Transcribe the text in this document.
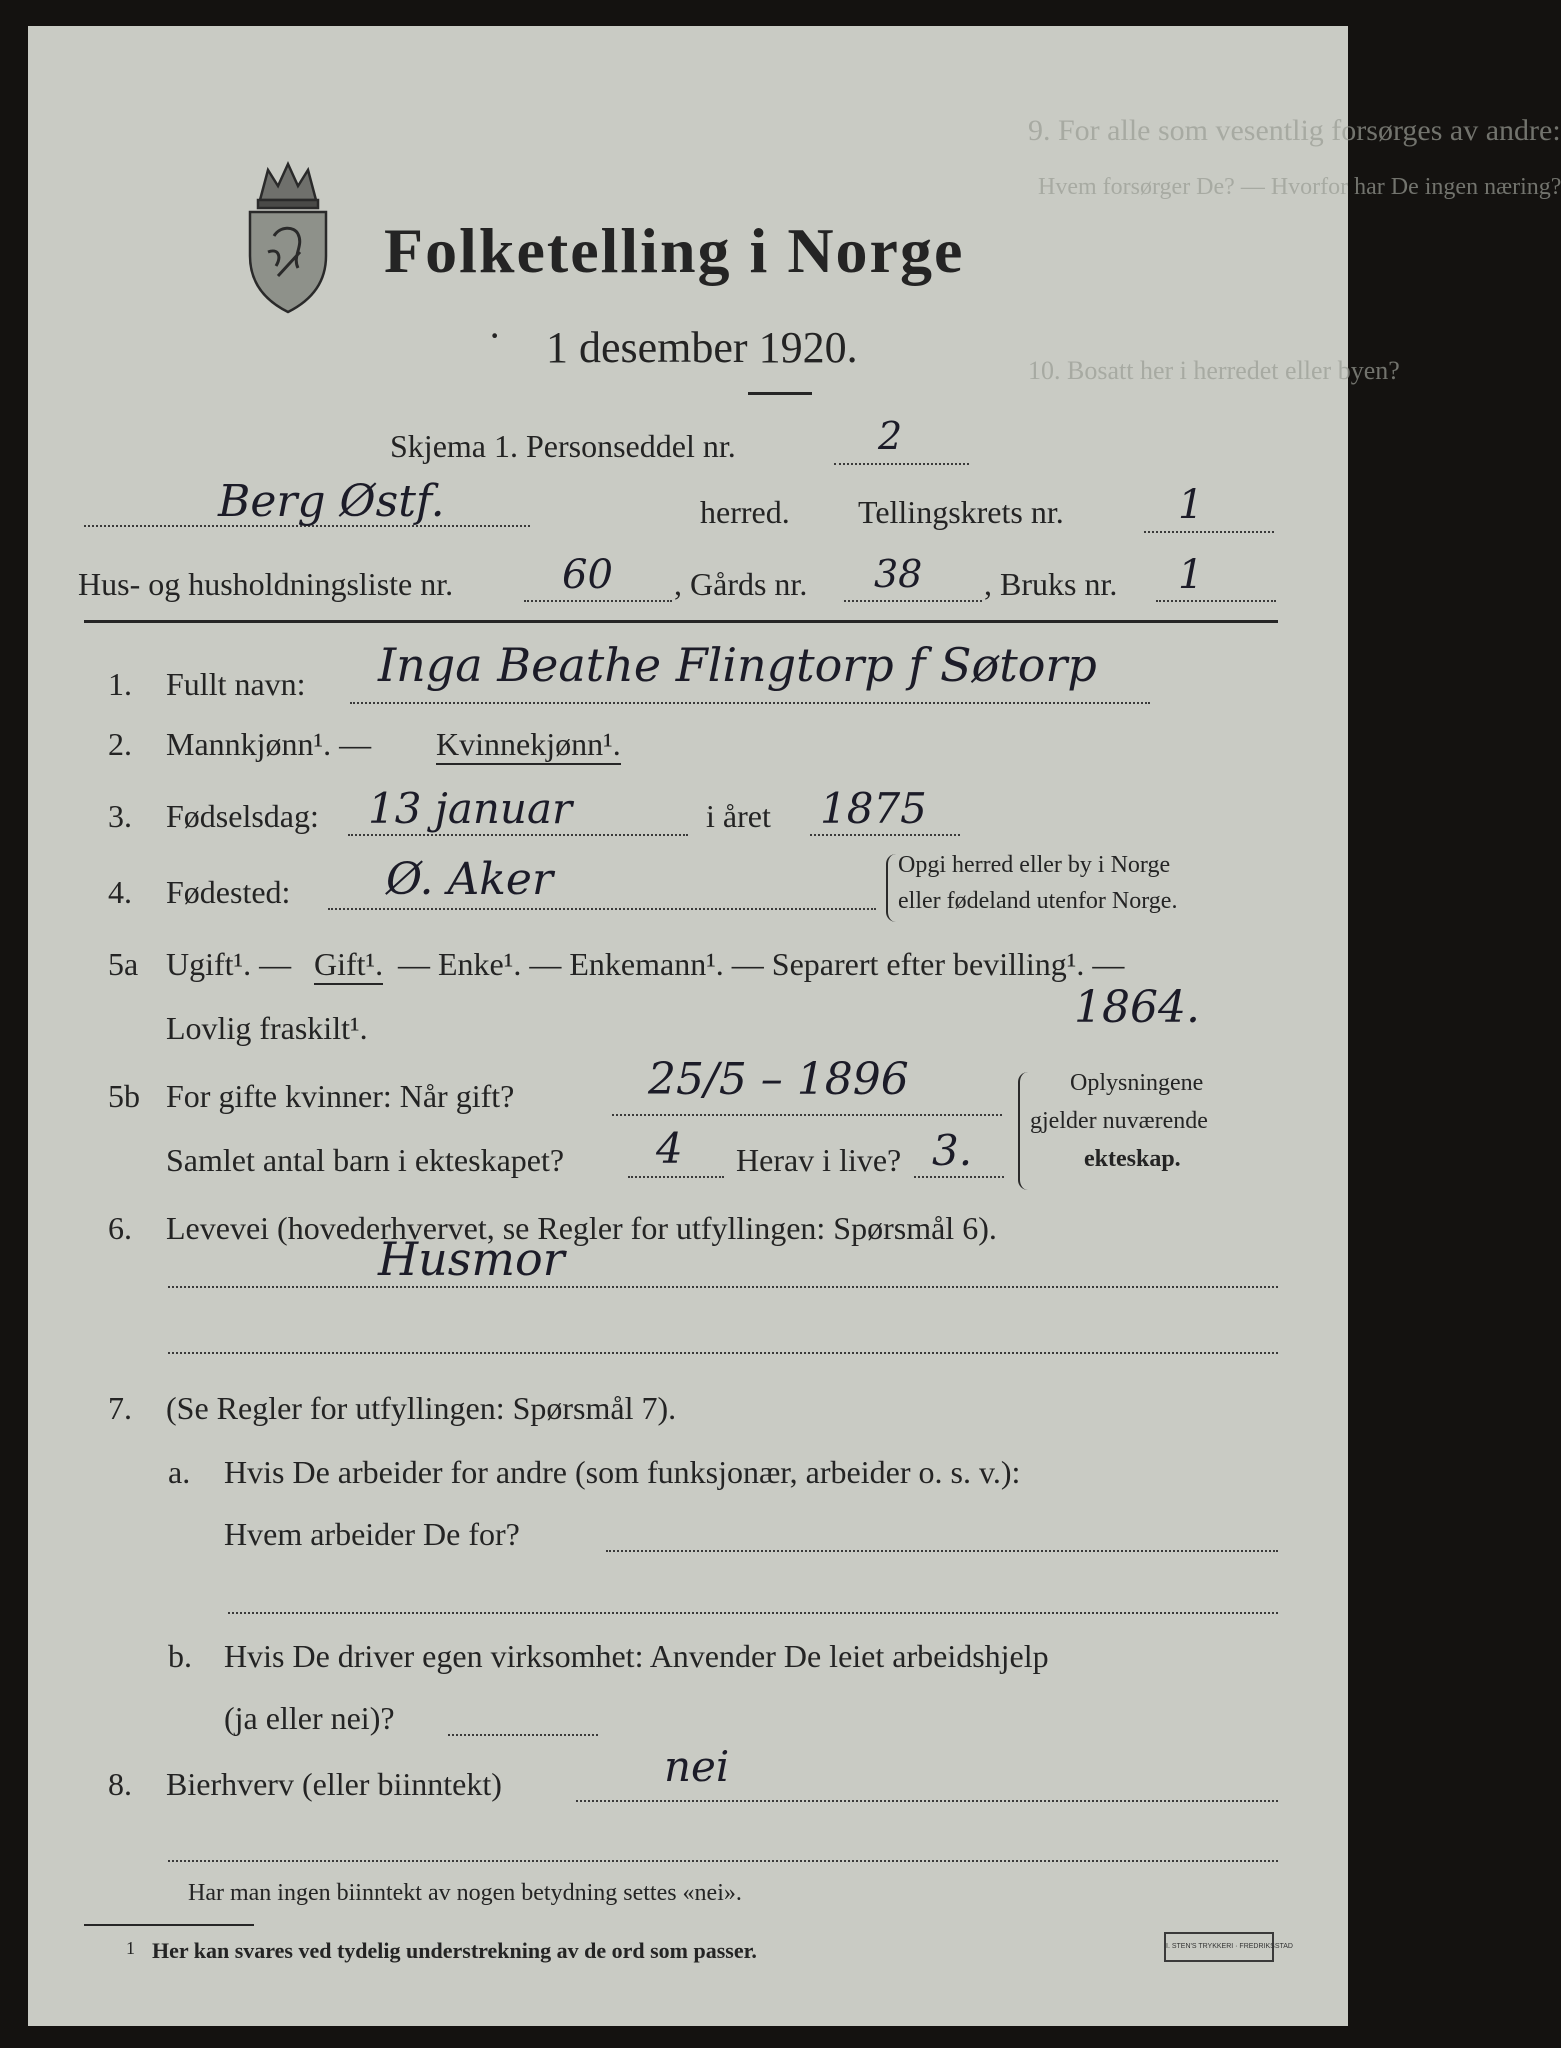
9. For alle som vesentlig forsørges av andre:
Hvem forsørger De? — Hvorfor har De ingen næring?
10. Bosatt her i herredet eller byen?
Folketelling i Norge
· 1 desember 1920.
Skjema 1. Personseddel nr.	2
Berg Østf.	herred. Tellingskrets nr.	1
Hus- og husholdningsliste nr.	60 , Gårds nr. 38 , Bruks nr. 1
1. Fullt navn: Inga Beathe Flingtorp f Søtorp
2. Mannkjønn¹. — Kvinnekjønn¹.
3. Fødselsdag: 13 januar	i året 1875
4. Fødested: Ø. Aker	Opgi herred eller by i Norge
eller fødeland utenfor Norge.
5a Ugift¹. — Gift¹. — Enke¹. — Enkemann¹. — Separert efter bevilling¹. —
Lovlig fraskilt¹.	1864.
5b For gifte kvinner: Når gift?	25/5 – 1896
Samlet antal barn i ekteskapet? 4 Herav i live? 3.
Oplysningene
gjelder nuværende
ekteskap.
6. Levevei (hovederhvervet, se Regler for utfyllingen: Spørsmål 6).
Husmor
7. (Se Regler for utfyllingen: Spørsmål 7).
a. Hvis De arbeider for andre (som funksjonær, arbeider o. s. v.):
Hvem arbeider De for?
b. Hvis De driver egen virksomhet: Anvender De leiet arbeidshjelp
(ja eller nei)?
8. Bierhverv (eller biinntekt)	nei
Har man ingen biinntekt av nogen betydning settes «nei».
1 Her kan svares ved tydelig understrekning av de ord som passer.	I. STEN'S TRYKKERI · FREDRIKSSTAD
